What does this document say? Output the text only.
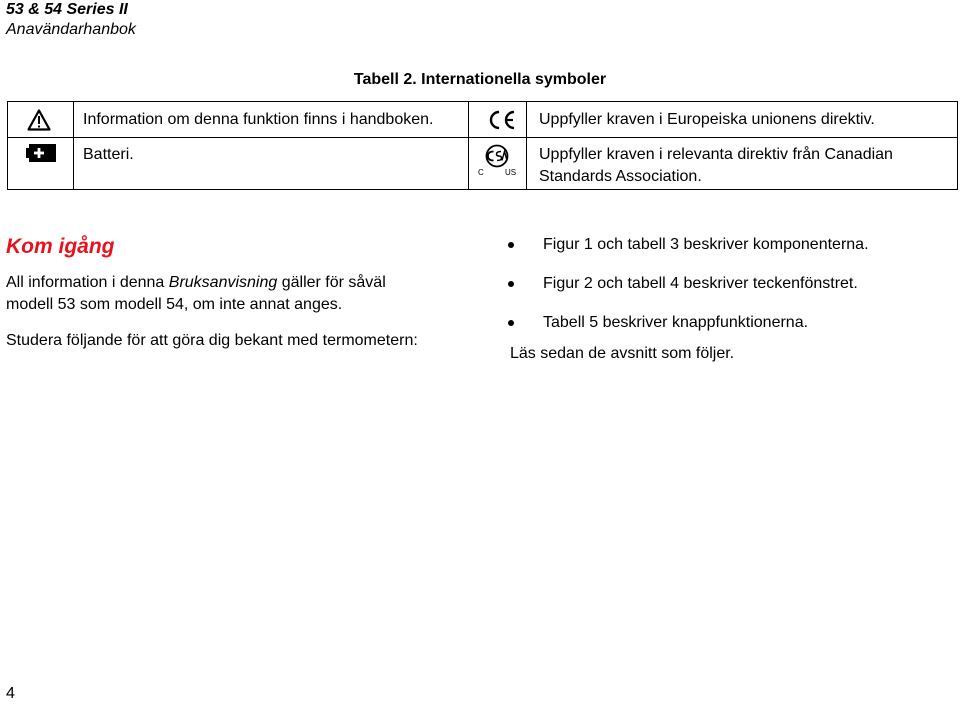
53 & 54 Series II
Anavändarhanbok
Tabell 2. Internationella symboler
Information om denna funktion finns i handboken.	Uppfyller kraven i Europeiska unionens direktiv.
Batteri.
C	US
Uppfyller kraven i relevanta direktiv från Canadian
Standards Association.
Kom igång
All information i denna Bruksanvisning gäller för såväl
modell 53 som modell 54, om inte annat anges.
Studera följande för att göra dig bekant med termometern:
Figur 1 och tabell 3 beskriver komponenterna.
Figur 2 och tabell 4 beskriver teckenfönstret.
Tabell 5 beskriver knappfunktionerna.
Läs sedan de avsnitt som följer.
4
